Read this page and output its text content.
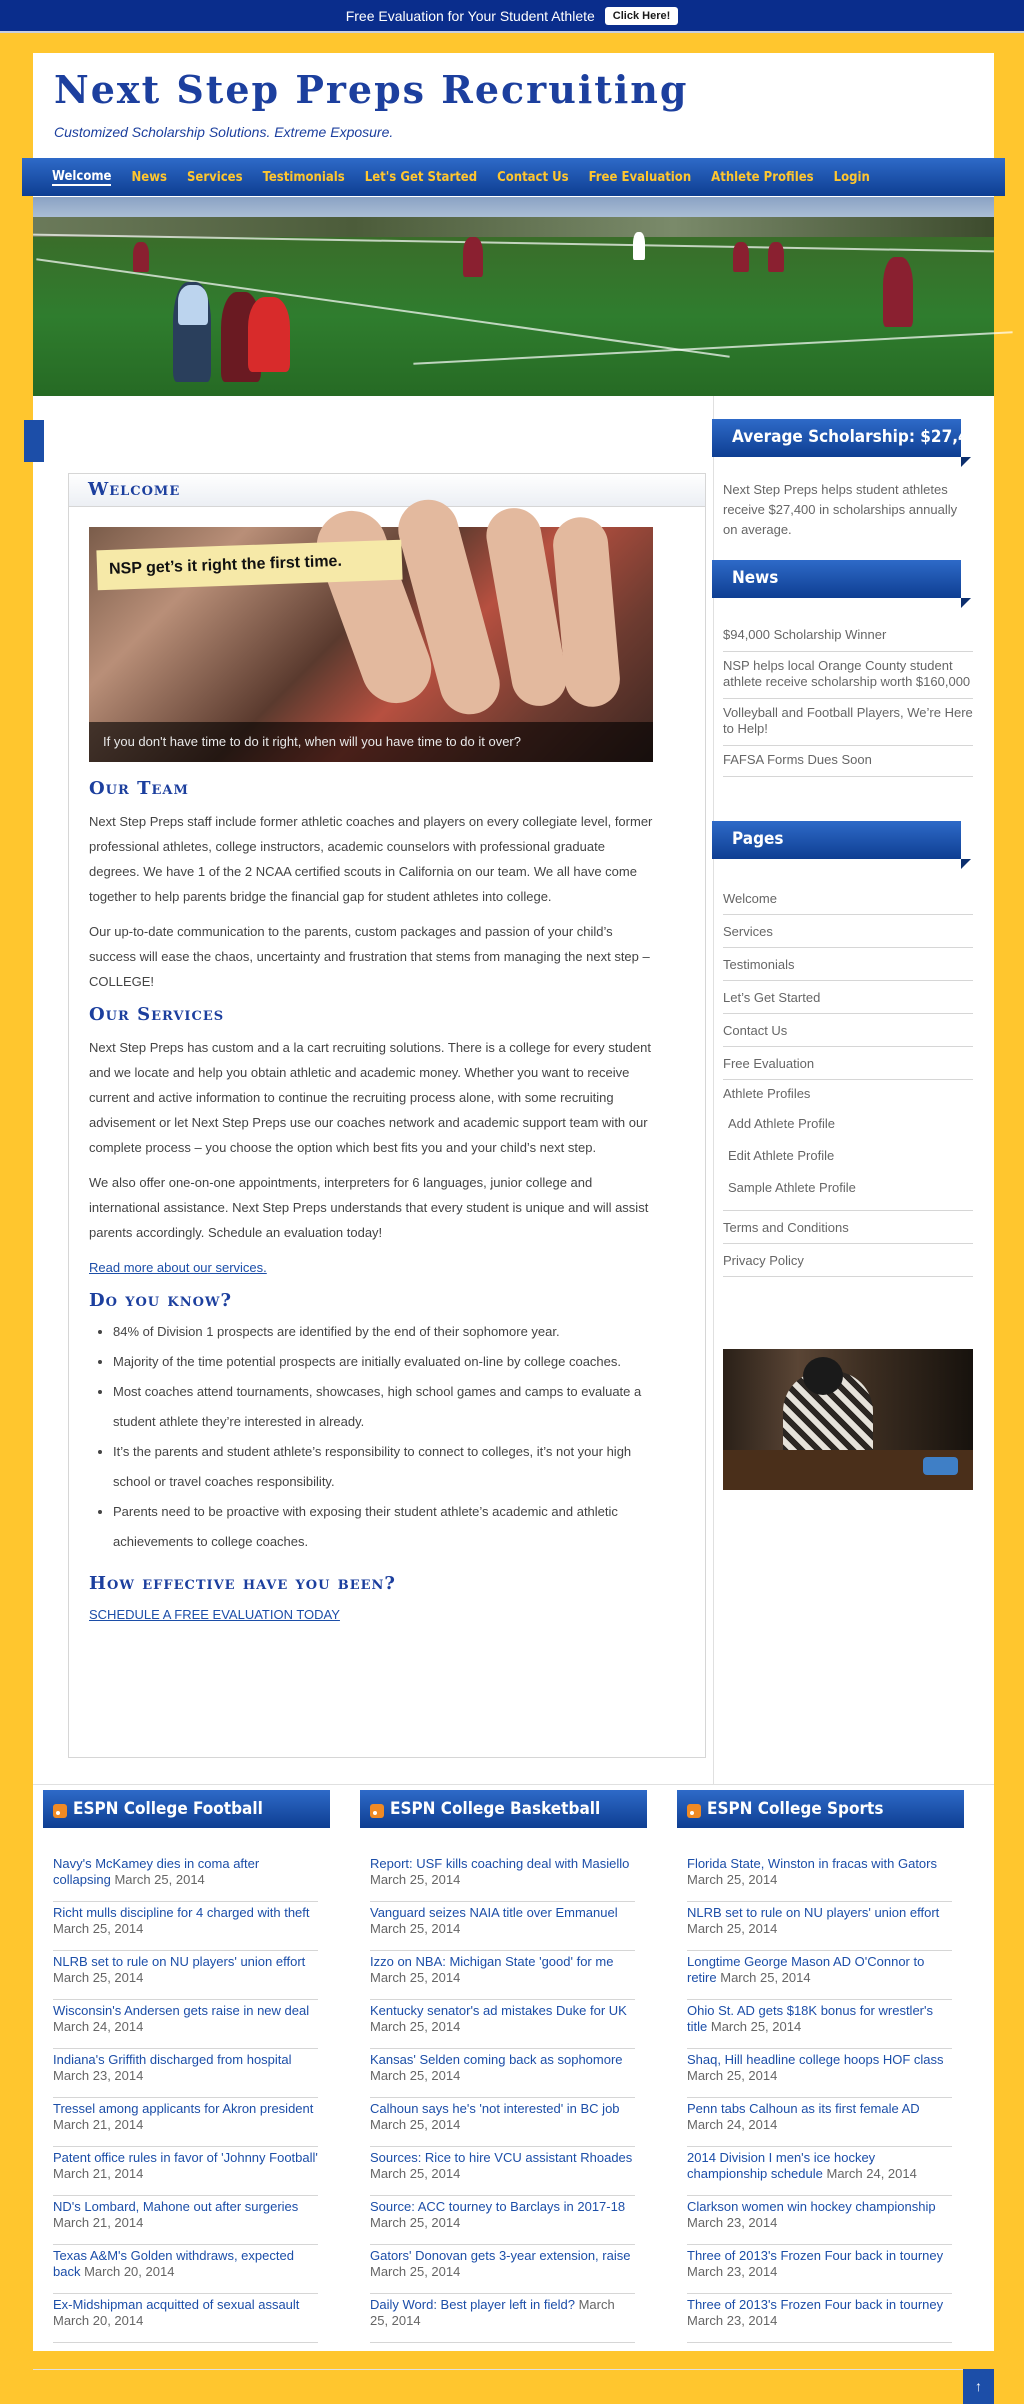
Free Evaluation for Your Student Athlete	Click Here!
Next Step Preps Recruiting
Customized Scholarship Solutions. Extreme Exposure.
Welcome News Services Testimonials Let's Get Started Contact Us Free Evaluation Athlete Profiles Login
Average Scholarship: $27,400
Next Step Preps helps student athletes receive $27,400 in scholarships annually on average.
News
$94,000 Scholarship Winner
NSP helps local Orange County student athlete receive scholarship worth $160,000
Volleyball and Football Players, We’re Here to Help!
FAFSA Forms Dues Soon
Pages
Welcome
Services
Testimonials
Let’s Get Started
Contact Us
Free Evaluation
Athlete Profiles
Add Athlete Profile
Edit Athlete Profile
Sample Athlete Profile
Terms and Conditions
Privacy Policy
Welcome
NSP get’s it right the first time.
If you don't have time to do it right, when will you have time to do it over?
Our Team

Next Step Preps staff include former athletic coaches and players on every collegiate level, former professional athletes, college instructors, academic counselors with professional graduate degrees. We have 1 of the 2 NCAA certified scouts in California on our team. We all have come together to help parents bridge the financial gap for student athletes into college.

Our up-to-date communication to the parents, custom packages and passion of your child’s success will ease the chaos, uncertainty and frustration that stems from managing the next step – COLLEGE!

Our Services

Next Step Preps has custom and a la cart recruiting solutions. There is a college for every student and we locate and help you obtain athletic and academic money. Whether you want to receive current and active information to continue the recruiting process alone, with some recruiting advisement or let Next Step Preps use our coaches network and academic support team with our complete process – you choose the option which best fits you and your child’s next step.

We also offer one-on-one appointments, interpreters for 6 languages, junior college and international assistance. Next Step Preps understands that every student is unique and will assist parents accordingly. Schedule an evaluation today!

Read more about our services.

Do you know?
• 84% of Division 1 prospects are identified by the end of their sophomore year.
• Majority of the time potential prospects are initially evaluated on-line by college coaches.
• Most coaches attend tournaments, showcases, high school games and camps to evaluate a student athlete they’re interested in already.
• It’s the parents and student athlete’s responsibility to connect to colleges, it’s not your high school or travel coaches responsibility.
• Parents need to be proactive with exposing their student athlete’s academic and athletic achievements to college coaches.
How effective have you been?

SCHEDULE A FREE EVALUATION TODAY

ESPN College Football
Navy's McKamey dies in coma after collapsing March 25, 2014
Richt mulls discipline for 4 charged with theft March 25, 2014
NLRB set to rule on NU players' union effort March 25, 2014
Wisconsin's Andersen gets raise in new deal March 24, 2014
Indiana's Griffith discharged from hospital March 23, 2014
Tressel among applicants for Akron president March 21, 2014
Patent office rules in favor of 'Johnny Football' March 21, 2014
ND's Lombard, Mahone out after surgeries March 21, 2014
Texas A&M's Golden withdraws, expected back March 20, 2014
Ex-Midshipman acquitted of sexual assault March 20, 2014
ESPN College Basketball
Report: USF kills coaching deal with Masiello March 25, 2014
Vanguard seizes NAIA title over Emmanuel March 25, 2014
Izzo on NBA: Michigan State 'good' for me March 25, 2014
Kentucky senator's ad mistakes Duke for UK March 25, 2014
Kansas' Selden coming back as sophomore March 25, 2014
Calhoun says he's 'not interested' in BC job March 25, 2014
Sources: Rice to hire VCU assistant Rhoades March 25, 2014
Source: ACC tourney to Barclays in 2017-18 March 25, 2014
Gators' Donovan gets 3-year extension, raise March 25, 2014
Daily Word: Best player left in field? March 25, 2014
ESPN College Sports
Florida State, Winston in fracas with Gators March 25, 2014
NLRB set to rule on NU players' union effort March 25, 2014
Longtime George Mason AD O'Connor to retire March 25, 2014
Ohio St. AD gets $18K bonus for wrestler's title March 25, 2014
Shaq, Hill headline college hoops HOF class March 25, 2014
Penn tabs Calhoun as its first female AD March 24, 2014
2014 Division I men's ice hockey championship schedule March 24, 2014
Clarkson women win hockey championship March 23, 2014
Three of 2013's Frozen Four back in tourney March 23, 2014
Three of 2013's Frozen Four back in tourney March 23, 2014
↑
